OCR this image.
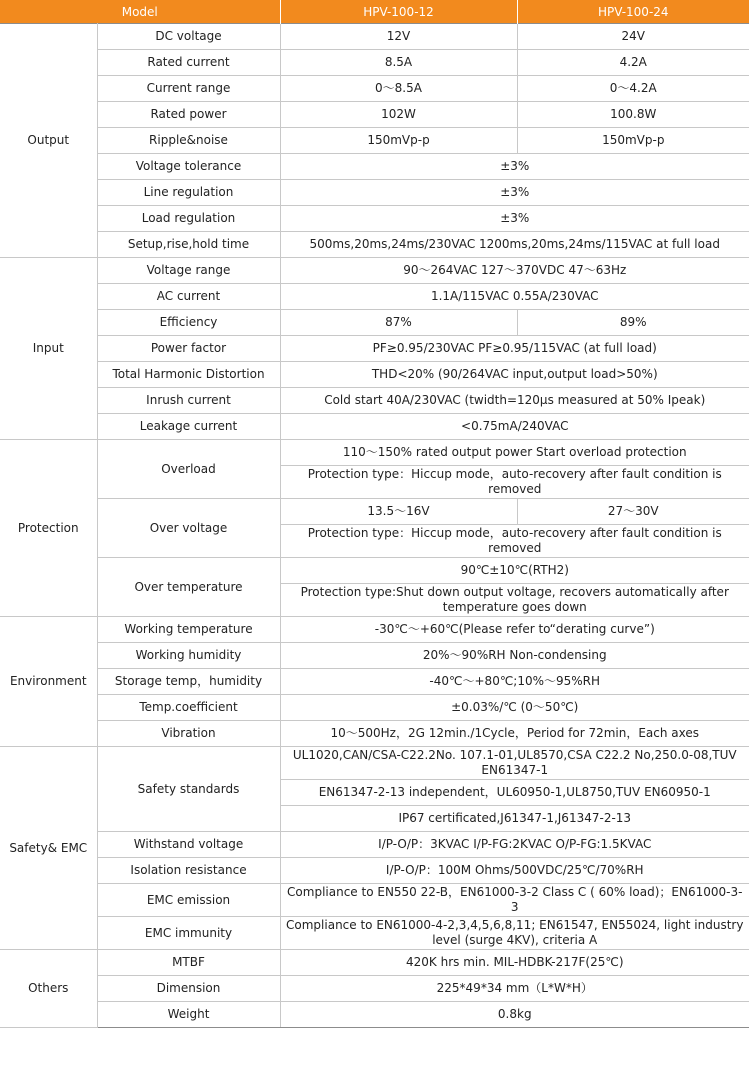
Model		HPV-100-12	HPV-100-24
Output	DC voltage	12V	24V
	Rated current	8.5A	4.2A
	Current range	0～8.5A	0～4.2A
	Rated power	102W	100.8W
	Ripple&noise	150mVp-p	150mVp-p
	Voltage tolerance	±3%	
	Line regulation	±3%	
	Load regulation	±3%	
	Setup,rise,hold time	500ms,20ms,24ms/230VAC 1200ms,20ms,24ms/115VAC at full load	
Input	Voltage range	90～264VAC 127～370VDC 47～63Hz	
	AC current	1.1A/115VAC 0.55A/230VAC	
	Efficiency	87%	89%
	Power factor	PF≥0.95/230VAC PF≥0.95/115VAC (at full load)	
	Total Harmonic Distortion	THD<20% (90/264VAC input,output load>50%)	
	Inrush current	Cold start 40A/230VAC (twidth=120μs measured at 50% Ipeak)	
	Leakage current	<0.75mA/240VAC	
Protection	Overload	110～150% rated output power Start overload protection	
		Protection type：Hiccup mode，auto-recovery after fault condition is removed	
	Over voltage	13.5～16V	27～30V
		Protection type：Hiccup mode，auto-recovery after fault condition is removed	
	Over temperature	90℃±10℃(RTH2)	
		Protection type:Shut down output voltage, recovers automatically after temperature goes down	
Environment	Working temperature	-30℃～+60℃(Please refer to“derating curve”)	
	Working humidity	20%～90%RH Non-condensing	
	Storage temp，humidity	-40℃～+80℃;10%～95%RH	
	Temp.coefficient	±0.03%/℃ (0～50℃)	
	Vibration	10～500Hz，2G 12min./1Cycle，Period for 72min，Each axes	
Safety& EMC	Safety standards	UL1020,CAN/CSA-C22.2No. 107.1-01,UL8570,CSA C22.2 No,250.0-08,TUV EN61347-1	
		EN61347-2-13 independent，UL60950-1,UL8750,TUV EN60950-1	
		IP67 certificated,J61347-1,J61347-2-13	
	Withstand voltage	I/P-O/P：3KVAC I/P-FG:2KVAC O/P-FG:1.5KVAC	
	Isolation resistance	I/P-O/P：100M Ohms/500VDC/25℃/70%RH	
	EMC emission	Compliance to EN550 22-B，EN61000-3-2 Class C ( 60% load)；EN61000-3-3	
	EMC immunity	Compliance to EN61000-4-2,3,4,5,6,8,11; EN61547, EN55024, light industry level (surge 4KV), criteria A	
Others	MTBF	420K hrs min. MIL-HDBK-217F(25℃)	
	Dimension	225*49*34 mm（L*W*H）	
	Weight	0.8kg	
